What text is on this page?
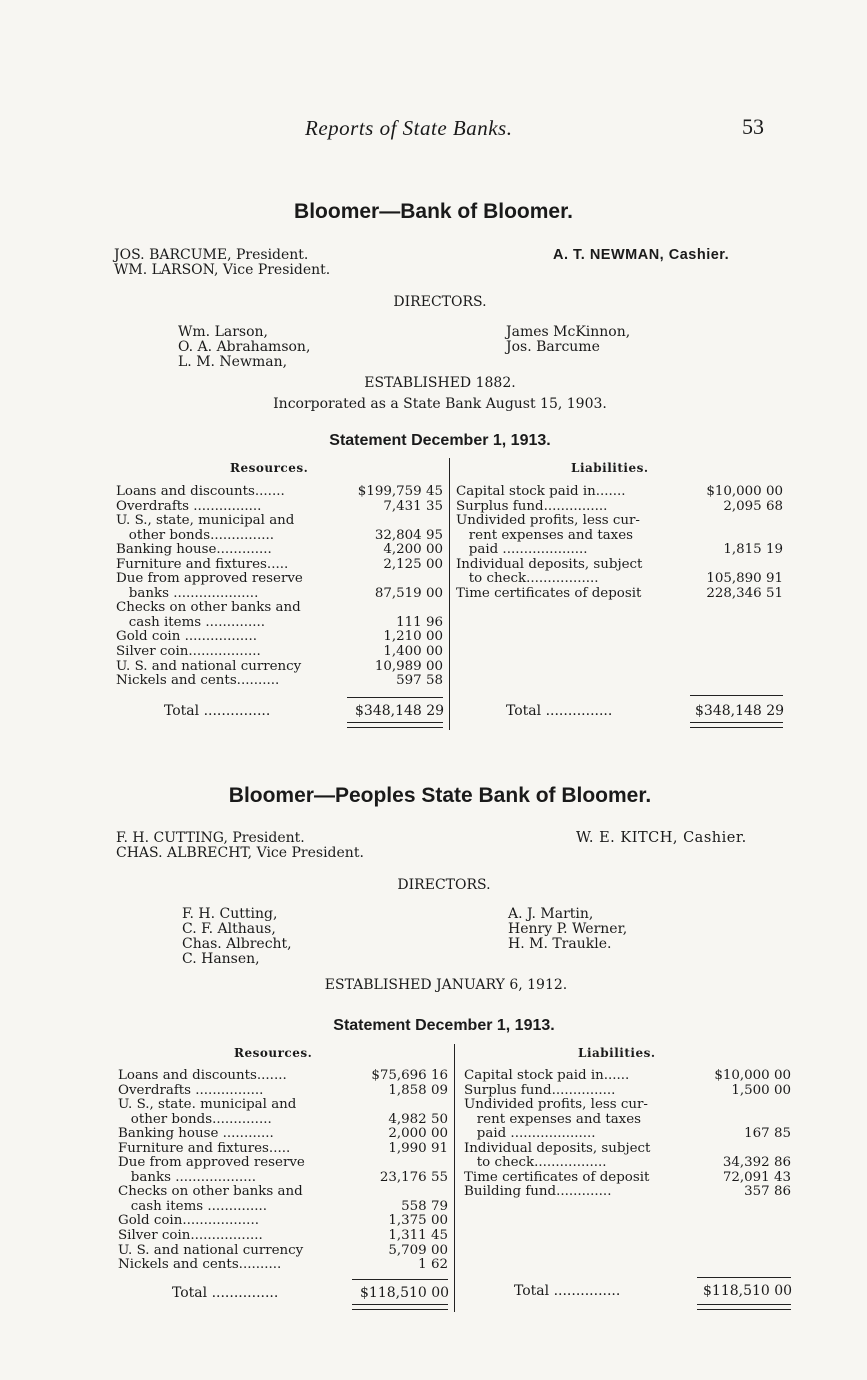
Reports of State Banks.	53
Bloomer—Bank of Bloomer.
JOS. BARCUME, President.
WM. LARSON, Vice President.
A. T. NEWMAN, Cashier.
DIRECTORS.
Wm. Larson,
O. A. Abrahamson,
L. M. Newman,
James McKinnon,
Jos. Barcume
ESTABLISHED 1882.
Incorporated as a State Bank August 15, 1903.
Statement December 1, 1913.
Resources.	Liabilities.
Loans and discounts.......	$199,759 45
Overdrafts ................	7,431 35
U. S., state, municipal and
other bonds...............	32,804 95
Banking house.............	4,200 00
Furniture and fixtures.....	2,125 00
Due from approved reserve
banks ....................	87,519 00
Checks on other banks and
cash items ..............	111 96
Gold coin .................	1,210 00
Silver coin.................	1,400 00
U. S. and national currency	10,989 00
Nickels and cents..........	597 58
Capital stock paid in.......	$10,000 00
Surplus fund...............	2,095 68
Undivided profits, less cur-
rent expenses and taxes
paid ....................	1,815 19
Individual deposits, subject
to check.................	105,890 91
Time certificates of deposit	228,346 51
Total ...............	$348,148 29	Total ...............	$348,148 29
Bloomer—Peoples State Bank of Bloomer.
F. H. CUTTING, President.
CHAS. ALBRECHT, Vice President.
W. E. KITCH, Cashier.
DIRECTORS.
F. H. Cutting,
C. F. Althaus,
Chas. Albrecht,
C. Hansen,
A. J. Martin,
Henry P. Werner,
H. M. Traukle.
ESTABLISHED JANUARY 6, 1912.
Statement December 1, 1913.
Resources.	Liabilities.
Loans and discounts.......	$75,696 16
Overdrafts ................	1,858 09
U. S., state. municipal and
other bonds..............	4,982 50
Banking house ............	2,000 00
Furniture and fixtures.....	1,990 91
Due from approved reserve
banks ...................	23,176 55
Checks on other banks and
cash items ..............	558 79
Gold coin..................	1,375 00
Silver coin.................	1,311 45
U. S. and national currency	5,709 00
Nickels and cents..........	1 62
Capital stock paid in......	$10,000 00
Surplus fund...............	1,500 00
Undivided profits, less cur-
rent expenses and taxes
paid ....................	167 85
Individual deposits, subject
to check.................	34,392 86
Time certificates of deposit	72,091 43
Building fund.............	357 86
Total ...............	$118,510 00	Total ...............	$118,510 00
